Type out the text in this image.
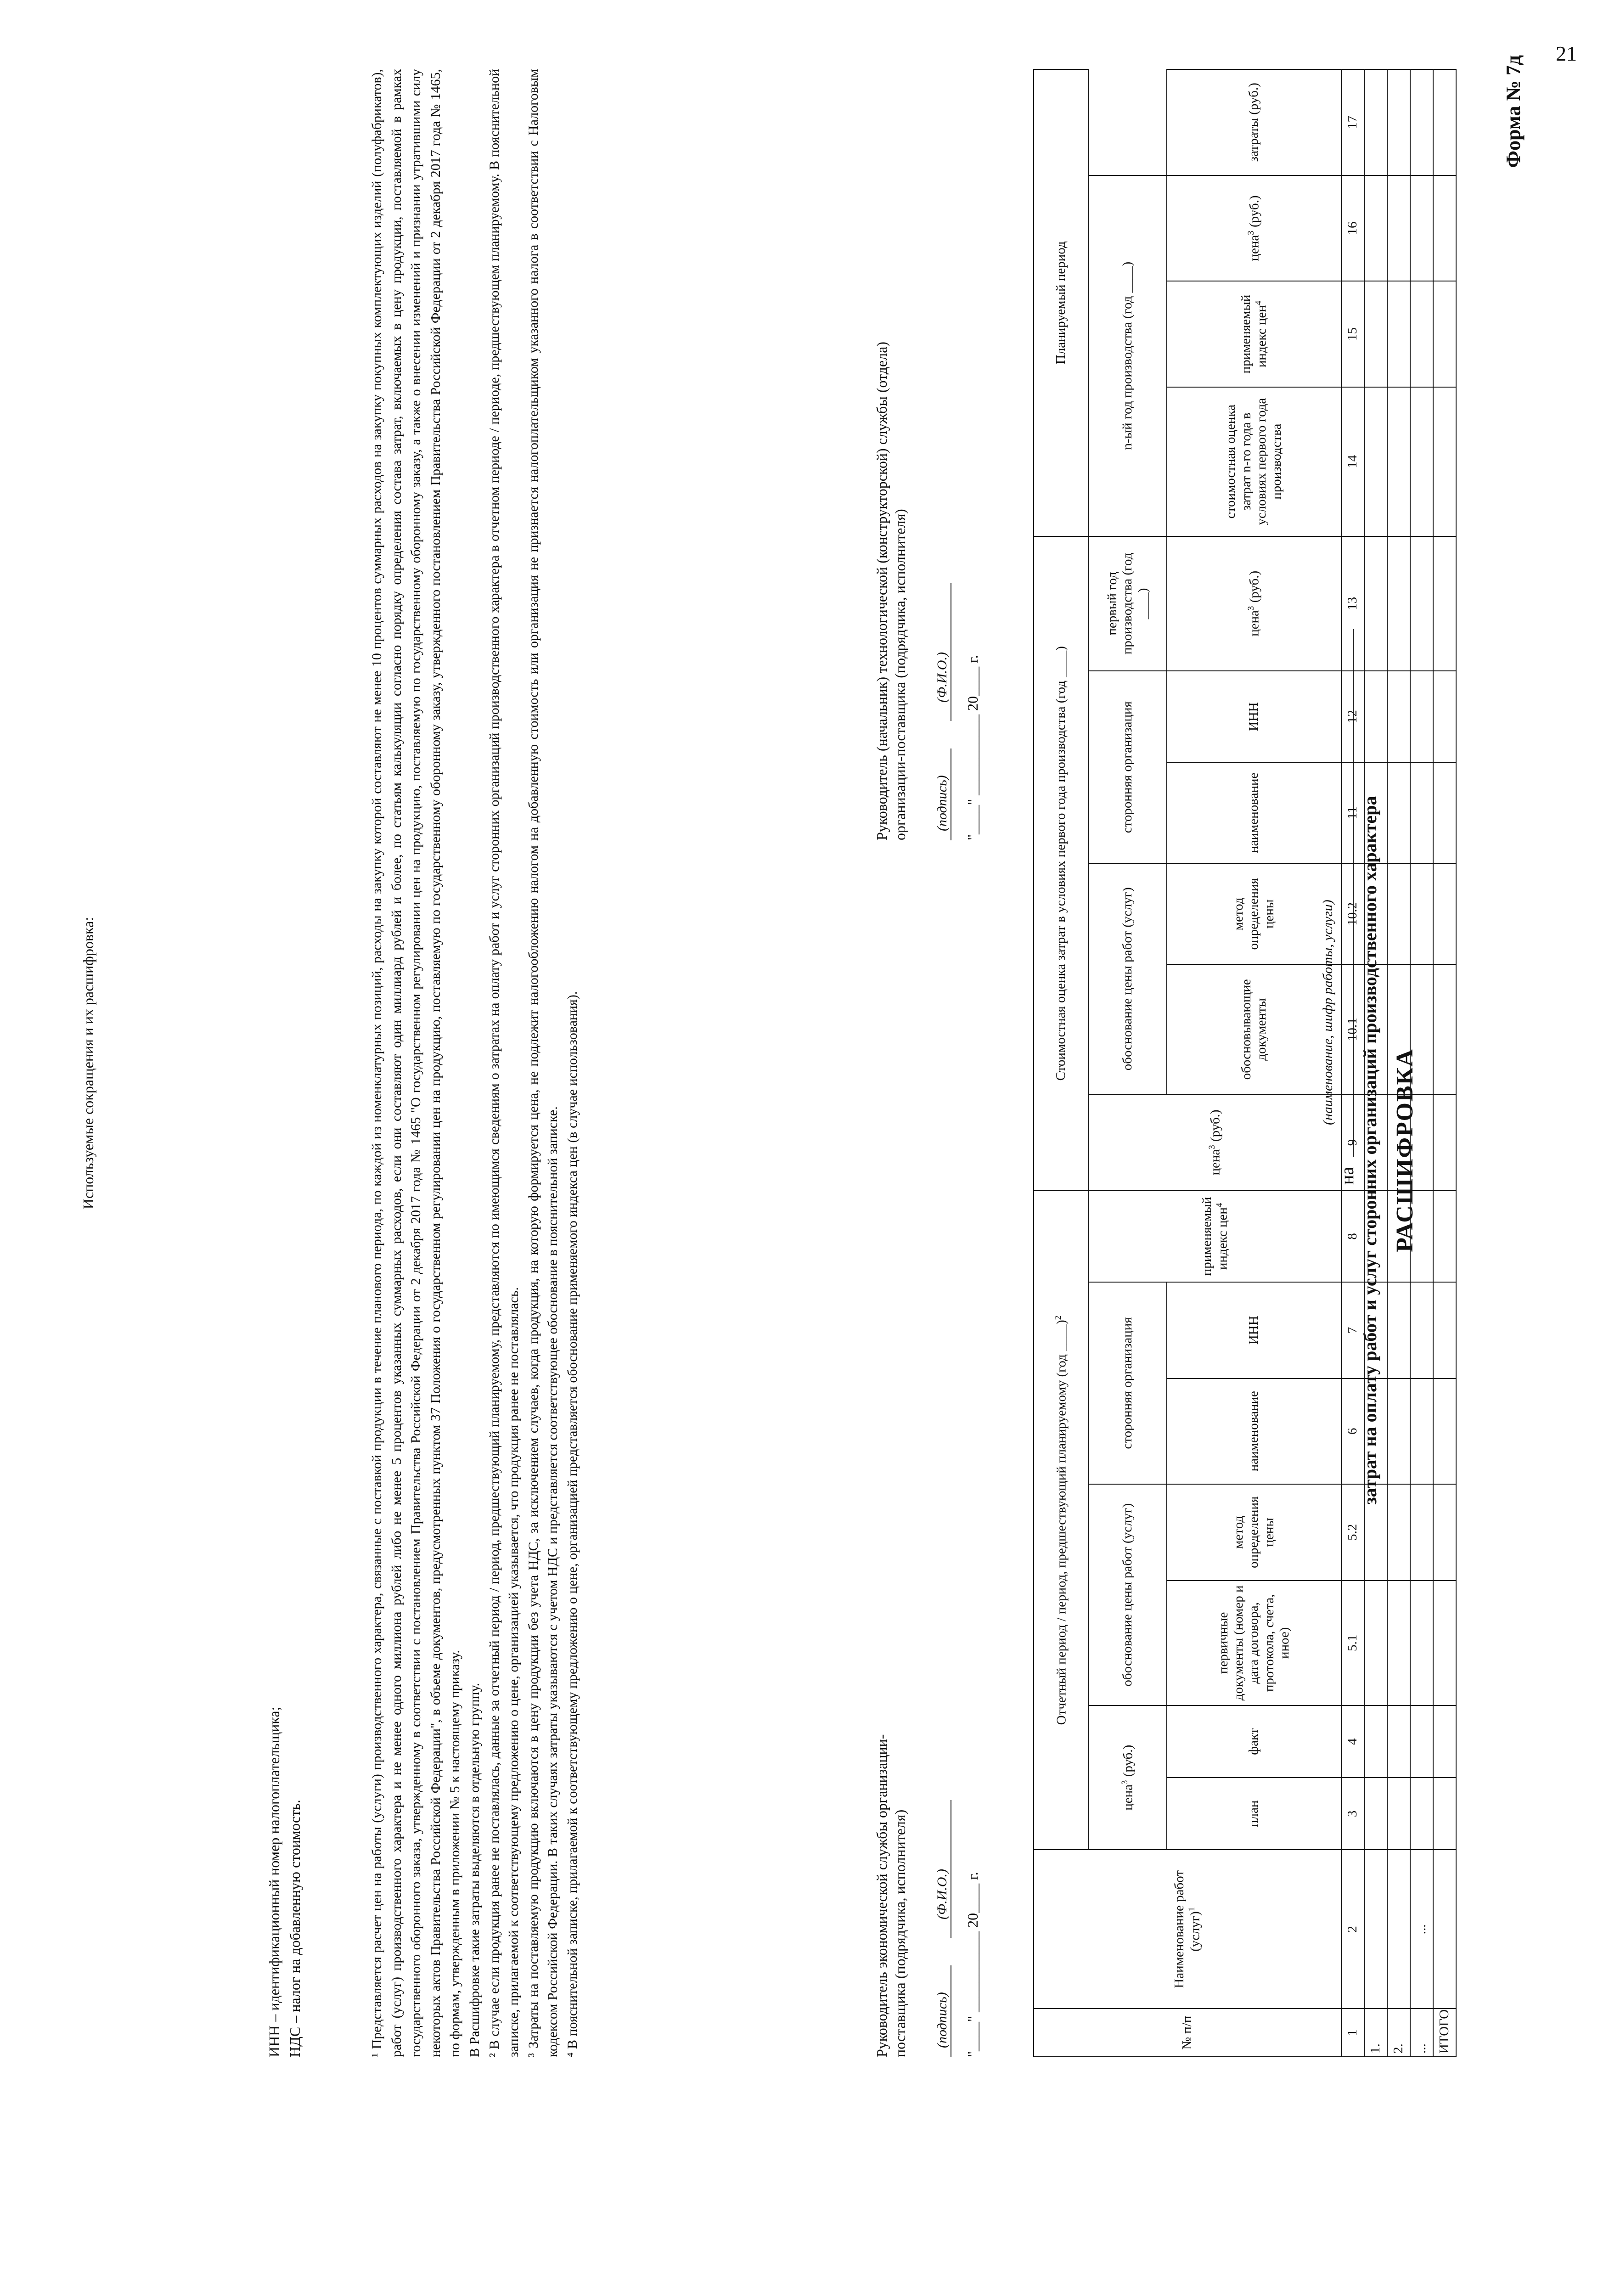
21
Форма № 7д
РАСШИФРОВКА
затрат на оплату работ и услуг сторонних организаций производственного характера
на
(наименование, шифр работы, услуги)
№ п/п	Наименование работ (услуг)$^1$	Отчетный период / период, предшествующий планируемому (год ____)$^2$							Стоимостная оценка затрат в условиях первого года производства (год ____)						Планируемый период			
		цена$^3$ (руб.)		обоснование цены работ (услуг)		сторонняя организация		применяемый индекс цен$^4$	цена$^3$ (руб.)	обоснование цены работ (услуг)		сторонняя организация		первый год производства (год ____)	n-ый год производства (год ____)			

		план	факт	первичные документы (номер и дата договора, протокола, счета, иное)	метод определения цены	наименование	ИНН			обосновывающие документы	метод определения цены	наименование	ИНН	цена$^3$ (руб.)	стоимостная оценка затрат n-го года в условиях первого года производства	применяемый индекс цен$^4$	цена$^3$ (руб.)	затраты (руб.)
1	2	3	4	5.1	5.2	6	7	8	9	10.1	10.2	11	12	13	14	15	16	17
1.																		
2.																		
...	...																	
ИТОГО																		
Руководитель экономической службы организации-поставщика (подрядчика, исполнителя) (подпись)
(Ф.И.О.) "____" ___________ 20____ г.
Руководитель (начальник) технологической (конструкторской) службы (отдела) организации-поставщика (подрядчика, исполнителя) (подпись)
(Ф.И.О.) "____" ___________ 20____ г.

¹ Представляется расчет цен на работы (услуги) производственного характера, связанные с поставкой продукции в течение планового периода, по каждой из номенклатурных позиций, расходы на закупку которой составляют не менее 10 процентов суммарных расходов на закупку покупных комплектующих изделий (полуфабрикатов), работ (услуг) производственного характера и не менее одного миллиона рублей либо не менее 5 процентов указанных суммарных расходов, если они составляют один миллиард рублей и более, по статьям калькуляции согласно порядку определения состава затрат, включаемых в цену продукции, поставляемой в рамках государственного оборонного заказа, утвержденному в соответствии с постановлением Правительства Российской Федерации от 2 декабря 2017 года № 1465 "О государственном регулировании цен на продукцию, поставляемую по государственному оборонному заказу, а также о внесении изменений и признании утратившими силу некоторых актов Правительства Российской Федерации", в объеме документов, предусмотренных пунктом 37 Положения о государственном регулировании цен на продукцию, поставляемую по государственному оборонному заказу, утвержденного постановлением Правительства Российской Федерации от 2 декабря 2017 года № 1465, по формам, утвержденным в приложении № 5 к настоящему приказу. В Расшифровке такие затраты выделяются в отдельную группу. ² В случае если продукция ранее не поставлялась, данные за отчетный период / период, предшествующий планируемому, представляются по имеющимся сведениям о затратах на оплату работ и услуг сторонних организаций производственного характера в отчетном периоде / периоде, предшествующем планируемому. В пояснительной записке, прилагаемой к соответствующему предложению о цене, организацией указывается, что продукция ранее не поставлялась. ³ Затраты на поставляемую продукцию включаются в цену продукции без учета НДС, за исключением случаев, когда продукция, на которую формируется цена, не подлежит налогообложению налогом на добавленную стоимость или организация не признается налогоплательщиком указанного налога в соответствии с Налоговым кодексом Российской Федерации. В таких случаях затраты указываются с учетом НДС и представляется соответствующее обоснование в пояснительной записке. ⁴ В пояснительной записке, прилагаемой к соответствующему предложению о цене, организацией представляется обоснование применяемого индекса цен (в случае использования).

Используемые сокращения и их расшифровка:
ИНН – идентификационный номер налогоплательщика; НДС – налог на добавленную стоимость.
